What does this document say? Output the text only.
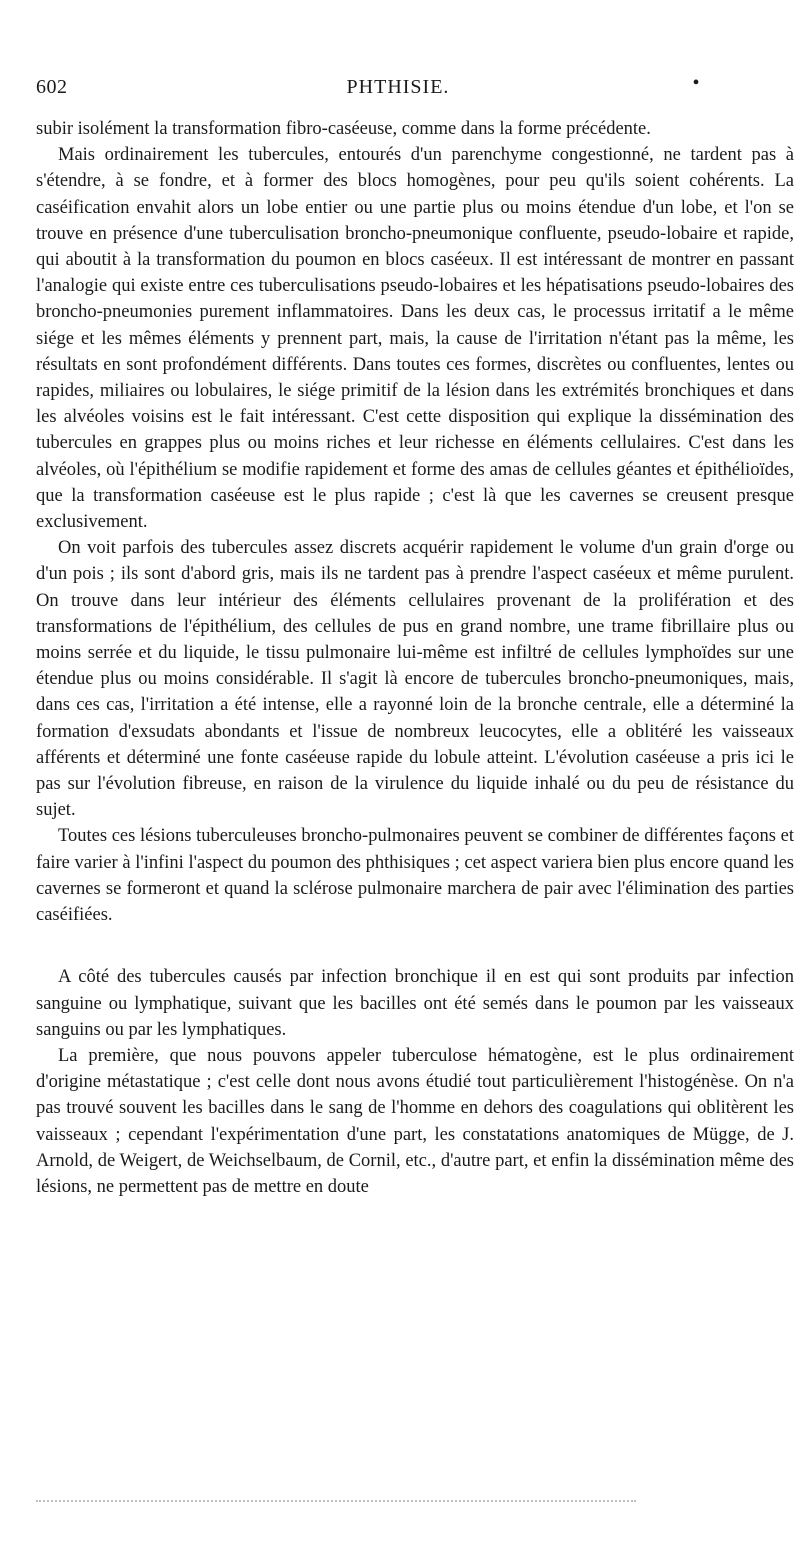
602	PHTHISIE.	•

subir isolément la transformation fibro-caséeuse, comme dans la forme précédente.

Mais ordinairement les tubercules, entourés d'un parenchyme congestionné, ne tardent pas à s'étendre, à se fondre, et à former des blocs homogènes, pour peu qu'ils soient cohérents. La caséification envahit alors un lobe entier ou une partie plus ou moins étendue d'un lobe, et l'on se trouve en présence d'une tuberculisation broncho-pneumonique confluente, pseudo-lobaire et rapide, qui aboutit à la transformation du poumon en blocs caséeux. Il est intéressant de montrer en passant l'analogie qui existe entre ces tuberculisations pseudo-lobaires et les hépatisations pseudo-lobaires des broncho-pneumonies purement inflammatoires. Dans les deux cas, le processus irritatif a le même siége et les mêmes éléments y prennent part, mais, la cause de l'irritation n'étant pas la même, les résultats en sont profondément différents. Dans toutes ces formes, discrètes ou confluentes, lentes ou rapides, miliaires ou lobulaires, le siége primitif de la lésion dans les extrémités bronchiques et dans les alvéoles voisins est le fait intéressant. C'est cette disposition qui explique la dissémination des tubercules en grappes plus ou moins riches et leur richesse en éléments cellulaires. C'est dans les alvéoles, où l'épithélium se modifie rapidement et forme des amas de cellules géantes et épithélioïdes, que la transformation caséeuse est le plus rapide ; c'est là que les cavernes se creusent presque exclusivement.

On voit parfois des tubercules assez discrets acquérir rapidement le volume d'un grain d'orge ou d'un pois ; ils sont d'abord gris, mais ils ne tardent pas à prendre l'aspect caséeux et même purulent. On trouve dans leur intérieur des éléments cellulaires provenant de la prolifération et des transformations de l'épithélium, des cellules de pus en grand nombre, une trame fibrillaire plus ou moins serrée et du liquide, le tissu pulmonaire lui-même est infiltré de cellules lymphoïdes sur une étendue plus ou moins considérable. Il s'agit là encore de tubercules broncho-pneumoniques, mais, dans ces cas, l'irritation a été intense, elle a rayonné loin de la bronche centrale, elle a déterminé la formation d'exsudats abondants et l'issue de nombreux leucocytes, elle a oblitéré les vaisseaux afférents et déterminé une fonte caséeuse rapide du lobule atteint. L'évolution caséeuse a pris ici le pas sur l'évolution fibreuse, en raison de la virulence du liquide inhalé ou du peu de résistance du sujet.

Toutes ces lésions tuberculeuses broncho-pulmonaires peuvent se combiner de différentes façons et faire varier à l'infini l'aspect du poumon des phthisiques ; cet aspect variera bien plus encore quand les cavernes se formeront et quand la sclérose pulmonaire marchera de pair avec l'élimination des parties caséifiées.

A côté des tubercules causés par infection bronchique il en est qui sont produits par infection sanguine ou lymphatique, suivant que les bacilles ont été semés dans le poumon par les vaisseaux sanguins ou par les lymphatiques.

La première, que nous pouvons appeler tuberculose hématogène, est le plus ordinairement d'origine métastatique ; c'est celle dont nous avons étudié tout particulièrement l'histogénèse. On n'a pas trouvé souvent les bacilles dans le sang de l'homme en dehors des coagulations qui oblitèrent les vaisseaux ; cependant l'expérimentation d'une part, les constatations anatomiques de Mügge, de J. Arnold, de Weigert, de Weichselbaum, de Cornil, etc., d'autre part, et enfin la dissémination même des lésions, ne permettent pas de mettre en doute
